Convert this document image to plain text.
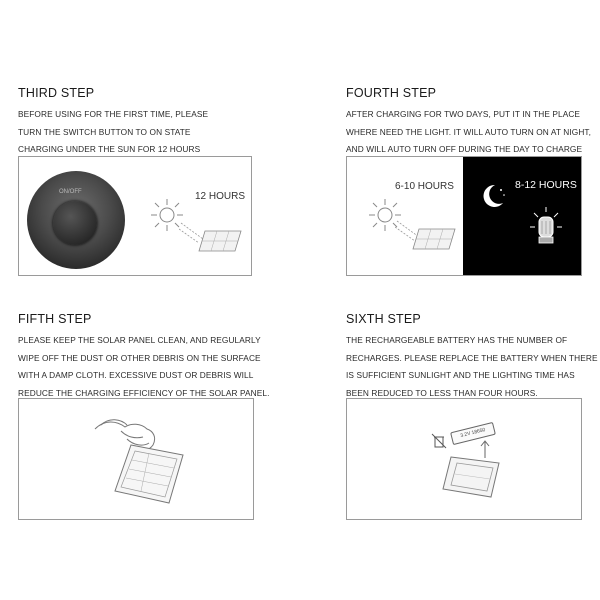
THIRD STEP
BEFORE USING FOR THE FIRST TIME, PLEASE
TURN THE SWITCH BUTTON TO ON STATE
CHARGING UNDER THE SUN FOR 12 HOURS
ON/OFF	12 HOURS
FOURTH STEP
AFTER CHARGING FOR TWO DAYS, PUT IT IN THE PLACE
WHERE NEED THE LIGHT. IT WILL AUTO TURN ON AT NIGHT,
AND WILL AUTO TURN OFF DURING THE DAY TO CHARGE
6-10 HOURS	8-12 HOURS
FIFTH STEP
PLEASE KEEP THE SOLAR PANEL CLEAN, AND REGULARLY
WIPE OFF THE DUST OR OTHER DEBRIS ON THE SURFACE
WITH A DAMP CLOTH. EXCESSIVE DUST OR DEBRIS WILL
REDUCE THE CHARGING EFFICIENCY OF THE SOLAR PANEL.
SIXTH STEP
THE RECHARGEABLE BATTERY HAS THE NUMBER OF
RECHARGES. PLEASE REPLACE THE BATTERY WHEN THERE
IS SUFFICIENT SUNLIGHT AND THE LIGHTING TIME HAS
BEEN REDUCED TO LESS THAN FOUR HOURS.
3.2V 18650
